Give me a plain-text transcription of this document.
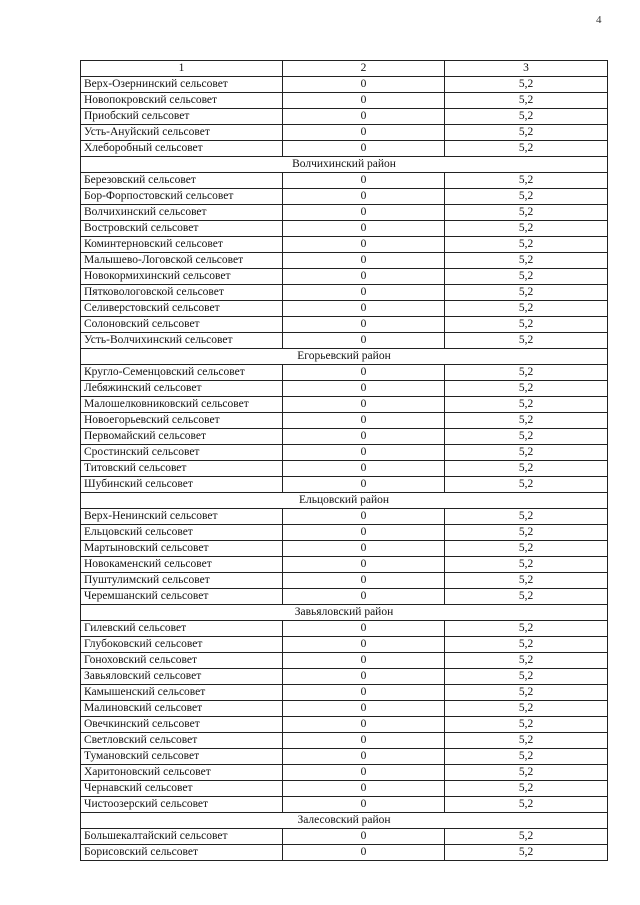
4
1	2	3
Верх-Озернинский сельсовет	0	5,2
Новопокровский сельсовет	0	5,2
Приобский сельсовет	0	5,2
Усть-Ануйский сельсовет	0	5,2
Хлеборобный сельсовет	0	5,2
Волчихинский район		
Березовский сельсовет	0	5,2
Бор-Форпостовский сельсовет	0	5,2
Волчихинский сельсовет	0	5,2
Востровский сельсовет	0	5,2
Коминтерновский сельсовет	0	5,2
Малышево-Логовской сельсовет	0	5,2
Новокормихинский сельсовет	0	5,2
Пятковологовской сельсовет	0	5,2
Селиверстовский сельсовет	0	5,2
Солоновский сельсовет	0	5,2
Усть-Волчихинский сельсовет	0	5,2
Егорьевский район		
Кругло-Семенцовский сельсовет	0	5,2
Лебяжинский сельсовет	0	5,2
Малошелковниковский сельсовет	0	5,2
Новоегорьевский сельсовет	0	5,2
Первомайский сельсовет	0	5,2
Сростинский сельсовет	0	5,2
Титовский сельсовет	0	5,2
Шубинский сельсовет	0	5,2
Ельцовский район		
Верх-Ненинский сельсовет	0	5,2
Ельцовский сельсовет	0	5,2
Мартыновский сельсовет	0	5,2
Новокаменский сельсовет	0	5,2
Пуштулимский сельсовет	0	5,2
Черемшанский сельсовет	0	5,2
Завьяловский район		
Гилевский сельсовет	0	5,2
Глубоковский сельсовет	0	5,2
Гоноховский сельсовет	0	5,2
Завьяловский сельсовет	0	5,2
Камышенский сельсовет	0	5,2
Малиновский сельсовет	0	5,2
Овечкинский сельсовет	0	5,2
Светловский сельсовет	0	5,2
Тумановский сельсовет	0	5,2
Харитоновский сельсовет	0	5,2
Чернавский сельсовет	0	5,2
Чистоозерский сельсовет	0	5,2
Залесовский район		
Большекалтайский сельсовет	0	5,2
Борисовский сельсовет	0	5,2
